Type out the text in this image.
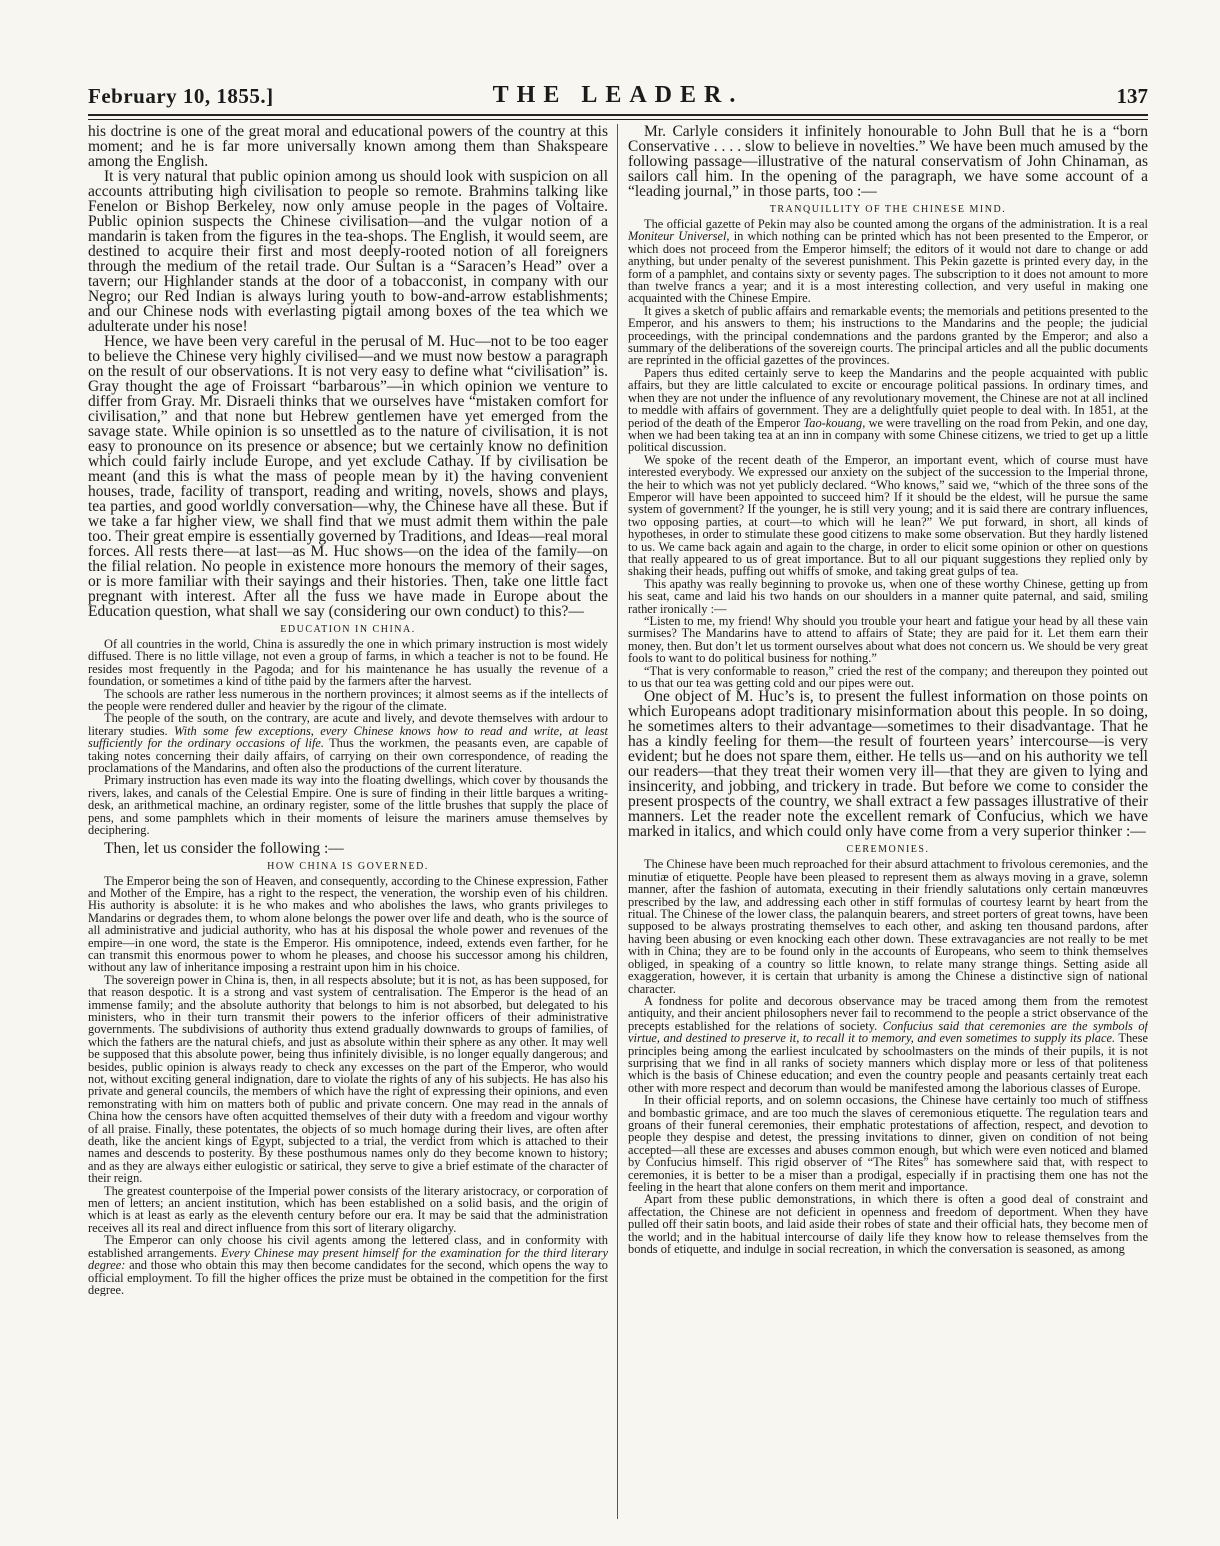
February 10, 1855.]	THE LEADER.	137

his doctrine is one of the great moral and educational powers of the country at this moment; and he is far more universally known among them than Shakspeare among the English.

It is very natural that public opinion among us should look with suspicion on all accounts attributing high civilisation to people so remote. Brahmins talking like Fenelon or Bishop Berkeley, now only amuse people in the pages of Voltaire. Public opinion suspects the Chinese civilisation—and the vulgar notion of a mandarin is taken from the figures in the tea-shops. The English, it would seem, are destined to acquire their first and most deeply-rooted notion of all foreigners through the medium of the retail trade. Our Sultan is a “Saracen’s Head” over a tavern; our Highlander stands at the door of a tobacconist, in company with our Negro; our Red Indian is always luring youth to bow-and-arrow establishments; and our Chinese nods with everlasting pigtail among boxes of the tea which we adulterate under his nose!

Hence, we have been very careful in the perusal of M. Huc—not to be too eager to believe the Chinese very highly civilised—and we must now bestow a paragraph on the result of our observations. It is not very easy to define what “civilisation” is. Gray thought the age of Froissart “barbarous”—in which opinion we venture to differ from Gray. Mr. Disraeli thinks that we ourselves have “mistaken comfort for civilisation,” and that none but Hebrew gentlemen have yet emerged from the savage state. While opinion is so unsettled as to the nature of civilisation, it is not easy to pronounce on its presence or absence; but we certainly know no definition which could fairly include Europe, and yet exclude Cathay. If by civilisation be meant (and this is what the mass of people mean by it) the having convenient houses, trade, facility of transport, reading and writing, novels, shows and plays, tea parties, and good worldly conversation—why, the Chinese have all these. But if we take a far higher view, we shall find that we must admit them within the pale too. Their great empire is essentially governed by Traditions, and Ideas—real moral forces. All rests there—at last—as M. Huc shows—on the idea of the family—on the filial relation. No people in existence more honours the memory of their sages, or is more familiar with their sayings and their histories. Then, take one little fact pregnant with interest. After all the fuss we have made in Europe about the Education question, what shall we say (considering our own conduct) to this?—

EDUCATION IN CHINA.

Of all countries in the world, China is assuredly the one in which primary instruction is most widely diffused. There is no little village, not even a group of farms, in which a teacher is not to be found. He resides most frequently in the Pagoda; and for his maintenance he has usually the revenue of a foundation, or sometimes a kind of tithe paid by the farmers after the harvest.

The schools are rather less numerous in the northern provinces; it almost seems as if the intellects of the people were rendered duller and heavier by the rigour of the climate.

The people of the south, on the contrary, are acute and lively, and devote themselves with ardour to literary studies. With some few exceptions, every Chinese knows how to read and write, at least sufficiently for the ordinary occasions of life. Thus the workmen, the peasants even, are capable of taking notes concerning their daily affairs, of carrying on their own correspondence, of reading the proclamations of the Mandarins, and often also the productions of the current literature.

Primary instruction has even made its way into the floating dwellings, which cover by thousands the rivers, lakes, and canals of the Celestial Empire. One is sure of finding in their little barques a writing-desk, an arithmetical machine, an ordinary register, some of the little brushes that supply the place of pens, and some pamphlets which in their moments of leisure the mariners amuse themselves by deciphering.

Then, let us consider the following :—

HOW CHINA IS GOVERNED.

The Emperor being the son of Heaven, and consequently, according to the Chinese expression, Father and Mother of the Empire, has a right to the respect, the veneration, the worship even of his children. His authority is absolute: it is he who makes and who abolishes the laws, who grants privileges to Mandarins or degrades them, to whom alone belongs the power over life and death, who is the source of all administrative and judicial authority, who has at his disposal the whole power and revenues of the empire—in one word, the state is the Emperor. His omnipotence, indeed, extends even farther, for he can transmit this enormous power to whom he pleases, and choose his successor among his children, without any law of inheritance imposing a restraint upon him in his choice.

The sovereign power in China is, then, in all respects absolute; but it is not, as has been supposed, for that reason despotic. It is a strong and vast system of centralisation. The Emperor is the head of an immense family; and the absolute authority that belongs to him is not absorbed, but delegated to his ministers, who in their turn transmit their powers to the inferior officers of their administrative governments. The subdivisions of authority thus extend gradually downwards to groups of families, of which the fathers are the natural chiefs, and just as absolute within their sphere as any other. It may well be supposed that this absolute power, being thus infinitely divisible, is no longer equally dangerous; and besides, public opinion is always ready to check any excesses on the part of the Emperor, who would not, without exciting general indignation, dare to violate the rights of any of his subjects. He has also his private and general councils, the members of which have the right of expressing their opinions, and even remonstrating with him on matters both of public and private concern. One may read in the annals of China how the censors have often acquitted themselves of their duty with a freedom and vigour worthy of all praise. Finally, these potentates, the objects of so much homage during their lives, are often after death, like the ancient kings of Egypt, subjected to a trial, the verdict from which is attached to their names and descends to posterity. By these posthumous names only do they become known to history; and as they are always either eulogistic or satirical, they serve to give a brief estimate of the character of their reign.

The greatest counterpoise of the Imperial power consists of the literary aristocracy, or corporation of men of letters; an ancient institution, which has been established on a solid basis, and the origin of which is at least as early as the eleventh century before our era. It may be said that the administration receives all its real and direct influence from this sort of literary oligarchy.

The Emperor can only choose his civil agents among the lettered class, and in conformity with established arrangements. Every Chinese may present himself for the examination for the third literary degree: and those who obtain this may then become candidates for the second, which opens the way to official employment. To fill the higher offices the prize must be obtained in the competition for the first degree.

Mr. Carlyle considers it infinitely honourable to John Bull that he is a “born Conservative . . . . slow to believe in novelties.” We have been much amused by the following passage—illustrative of the natural conservatism of John Chinaman, as sailors call him. In the opening of the paragraph, we have some account of a “leading journal,” in those parts, too :—

TRANQUILLITY OF THE CHINESE MIND.

The official gazette of Pekin may also be counted among the organs of the administration. It is a real Moniteur Universel, in which nothing can be printed which has not been presented to the Emperor, or which does not proceed from the Emperor himself; the editors of it would not dare to change or add anything, but under penalty of the severest punishment. This Pekin gazette is printed every day, in the form of a pamphlet, and contains sixty or seventy pages. The subscription to it does not amount to more than twelve francs a year; and it is a most interesting collection, and very useful in making one acquainted with the Chinese Empire.

It gives a sketch of public affairs and remarkable events; the memorials and petitions presented to the Emperor, and his answers to them; his instructions to the Mandarins and the people; the judicial proceedings, with the principal condemnations and the pardons granted by the Emperor; and also a summary of the deliberations of the sovereign courts. The principal articles and all the public documents are reprinted in the official gazettes of the provinces.

Papers thus edited certainly serve to keep the Mandarins and the people acquainted with public affairs, but they are little calculated to excite or encourage political passions. In ordinary times, and when they are not under the influence of any revolutionary movement, the Chinese are not at all inclined to meddle with affairs of government. They are a delightfully quiet people to deal with. In 1851, at the period of the death of the Emperor Tao-kouang, we were travelling on the road from Pekin, and one day, when we had been taking tea at an inn in company with some Chinese citizens, we tried to get up a little political discussion.

We spoke of the recent death of the Emperor, an important event, which of course must have interested everybody. We expressed our anxiety on the subject of the succession to the Imperial throne, the heir to which was not yet publicly declared. “Who knows,” said we, “which of the three sons of the Emperor will have been appointed to succeed him? If it should be the eldest, will he pursue the same system of government? If the younger, he is still very young; and it is said there are contrary influences, two opposing parties, at court—to which will he lean?” We put forward, in short, all kinds of hypotheses, in order to stimulate these good citizens to make some observation. But they hardly listened to us. We came back again and again to the charge, in order to elicit some opinion or other on questions that really appeared to us of great importance. But to all our piquant suggestions they replied only by shaking their heads, puffing out whiffs of smoke, and taking great gulps of tea.

This apathy was really beginning to provoke us, when one of these worthy Chinese, getting up from his seat, came and laid his two hands on our shoulders in a manner quite paternal, and said, smiling rather ironically :—

“Listen to me, my friend! Why should you trouble your heart and fatigue your head by all these vain surmises? The Mandarins have to attend to affairs of State; they are paid for it. Let them earn their money, then. But don’t let us torment ourselves about what does not concern us. We should be very great fools to want to do political business for nothing.”

“That is very conformable to reason,” cried the rest of the company; and thereupon they pointed out to us that our tea was getting cold and our pipes were out.

One object of M. Huc’s is, to present the fullest information on those points on which Europeans adopt traditionary misinformation about this people. In so doing, he sometimes alters to their advantage—sometimes to their disadvantage. That he has a kindly feeling for them—the result of fourteen years’ intercourse—is very evident; but he does not spare them, either. He tells us—and on his authority we tell our readers—that they treat their women very ill—that they are given to lying and insincerity, and jobbing, and trickery in trade. But before we come to consider the present prospects of the country, we shall extract a few passages illustrative of their manners. Let the reader note the excellent remark of Confucius, which we have marked in italics, and which could only have come from a very superior thinker :—

CEREMONIES.

The Chinese have been much reproached for their absurd attachment to frivolous ceremonies, and the minutiæ of etiquette. People have been pleased to represent them as always moving in a grave, solemn manner, after the fashion of automata, executing in their friendly salutations only certain manœuvres prescribed by the law, and addressing each other in stiff formulas of courtesy learnt by heart from the ritual. The Chinese of the lower class, the palanquin bearers, and street porters of great towns, have been supposed to be always prostrating themselves to each other, and asking ten thousand pardons, after having been abusing or even knocking each other down. These extravagancies are not really to be met with in China; they are to be found only in the accounts of Europeans, who seem to think themselves obliged, in speaking of a country so little known, to relate many strange things. Setting aside all exaggeration, however, it is certain that urbanity is among the Chinese a distinctive sign of national character.

A fondness for polite and decorous observance may be traced among them from the remotest antiquity, and their ancient philosophers never fail to recommend to the people a strict observance of the precepts established for the relations of society. Confucius said that ceremonies are the symbols of virtue, and destined to preserve it, to recall it to memory, and even sometimes to supply its place. These principles being among the earliest inculcated by schoolmasters on the minds of their pupils, it is not surprising that we find in all ranks of society manners which display more or less of that politeness which is the basis of Chinese education; and even the country people and peasants certainly treat each other with more respect and decorum than would be manifested among the laborious classes of Europe.

In their official reports, and on solemn occasions, the Chinese have certainly too much of stiffness and bombastic grimace, and are too much the slaves of ceremonious etiquette. The regulation tears and groans of their funeral ceremonies, their emphatic protestations of affection, respect, and devotion to people they despise and detest, the pressing invitations to dinner, given on condition of not being accepted—all these are excesses and abuses common enough, but which were even noticed and blamed by Confucius himself. This rigid observer of “The Rites” has somewhere said that, with respect to ceremonies, it is better to be a miser than a prodigal, especially if in practising them one has not the feeling in the heart that alone confers on them merit and importance.

Apart from these public demonstrations, in which there is often a good deal of constraint and affectation, the Chinese are not deficient in openness and freedom of deportment. When they have pulled off their satin boots, and laid aside their robes of state and their official hats, they become men of the world; and in the habitual intercourse of daily life they know how to release themselves from the bonds of etiquette, and indulge in social recreation, in which the conversation is seasoned, as among
